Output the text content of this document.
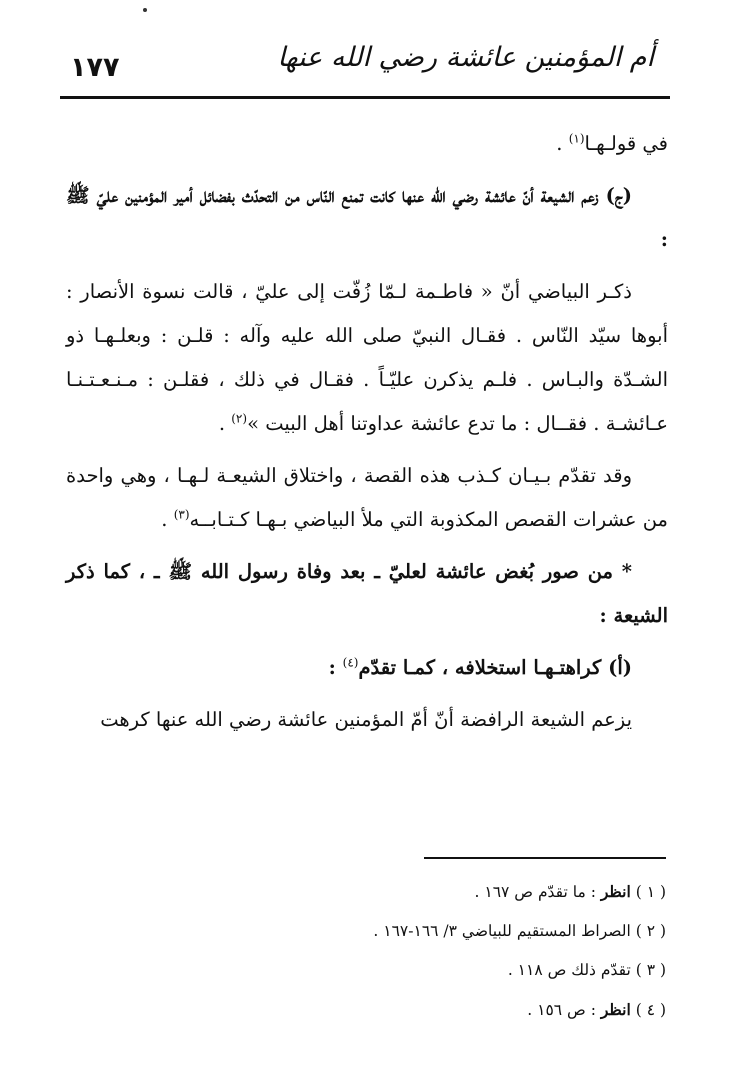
١٧٧	أم المؤمنين عائشة رضي الله عنها

في قولـهـا$^{(١)}$ .

(ج) زعم الشيعة أنّ عائشة رضي الله عنها كانت تمنع النّاس من التحدّث بفضائل أمير المؤمنين عليّ ﷺ :

ذكـر البياضي أنّ « فاطـمة لـمّا زُفّت إلى عليّ ، قالت نسوة الأنصار : أبوها سيّد النّاس . فقـال النبيّ صلى الله عليه وآله : قلـن : وبعلـهـا ذو الشـدّة والبـاس . فلـم يذكرن عليّـاً . فقـال في ذلك ، فقلـن : مـنـعـتـنـا عـائشـة . فقــال : ما تدع عائشة عداوتنا أهل البيت »$^{(٢)}$ .

وقد تقدّم بـيـان كـذب هذه القصة ، واختلاق الشيعـة لـهـا ، وهي واحدة من عشرات القصص المكذوبة التي ملأ البياضي بـهـا كـتـابــه$^{(٣)}$ .

* من صور بُغض عائشة لعليّ ـ بعد وفاة رسول الله ﷺ ـ ، كما ذكر الشيعة :

(أ) كراهتـهـا استخلافه ، كمـا تقدّم$^{(٤)}$ :

يزعم الشيعة الرافضة أنّ أمّ المؤمنين عائشة رضي الله عنها كرهت

( ١ ) انظر : ما تقدّم ص ١٦٧ .

( ٢ ) الصراط المستقيم للبياضي ٣/ ١٦٦-١٦٧ .

( ٣ ) تقدّم ذلك ص ١١٨ .

( ٤ ) انظر : ص ١٥٦ .
